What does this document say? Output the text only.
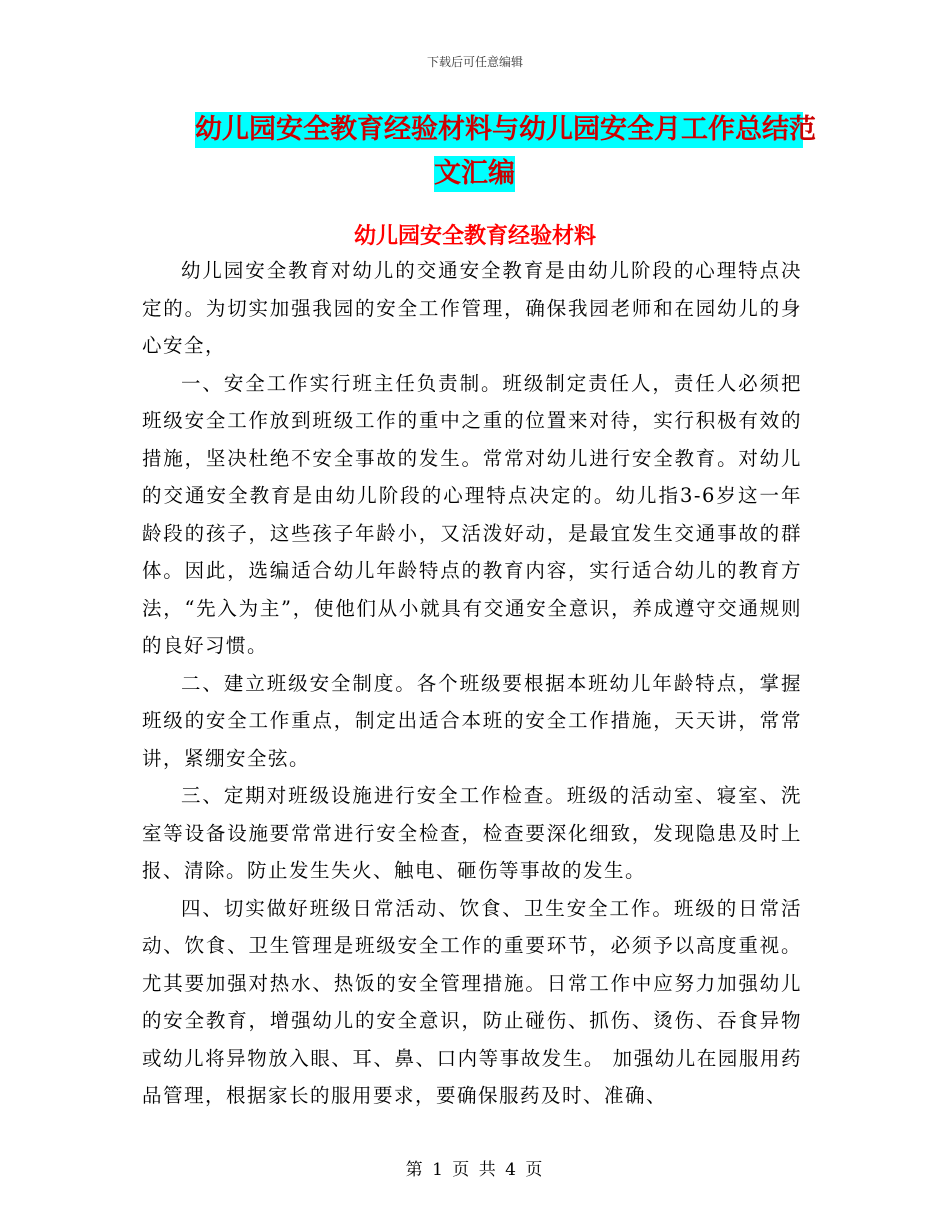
下载后可任意编辑
幼儿园安全教育经验材料与幼儿园安全月工作总结范
文汇编
幼儿园安全教育经验材料

幼儿园安全教育对幼儿的交通安全教育是由幼儿阶段的心理特点决定的。为切实加强我园的安全工作管理，确保我园老师和在园幼儿的身心安全，

一、安全工作实行班主任负责制。班级制定责任人，责任人必须把班级安全工作放到班级工作的重中之重的位置来对待，实行积极有效的措施，坚决杜绝不安全事故的发生。常常对幼儿进行安全教育。对幼儿的交通安全教育是由幼儿阶段的心理特点决定的。幼儿指3-6岁这一年龄段的孩子，这些孩子年龄小，又活泼好动，是最宜发生交通事故的群体。因此，选编适合幼儿年龄特点的教育内容，实行适合幼儿的教育方法，“先入为主”，使他们从小就具有交通安全意识，养成遵守交通规则的良好习惯。

二、建立班级安全制度。各个班级要根据本班幼儿年龄特点，掌握班级的安全工作重点，制定出适合本班的安全工作措施，天天讲，常常讲，紧绷安全弦。

三、定期对班级设施进行安全工作检查。班级的活动室、寝室、洗室等设备设施要常常进行安全检查，检查要深化细致，发现隐患及时上报、清除。防止发生失火、触电、砸伤等事故的发生。

四、切实做好班级日常活动、饮食、卫生安全工作。班级的日常活动、饮食、卫生管理是班级安全工作的重要环节，必须予以高度重视。尤其要加强对热水、热饭的安全管理措施。日常工作中应努力加强幼儿的安全教育，增强幼儿的安全意识，防止碰伤、抓伤、烫伤、吞食异物或幼儿将异物放入眼、耳、鼻、口内等事故发生。 加强幼儿在园服用药品管理，根据家长的服用要求，要确保服药及时、准确、

第 1 页 共 4 页
